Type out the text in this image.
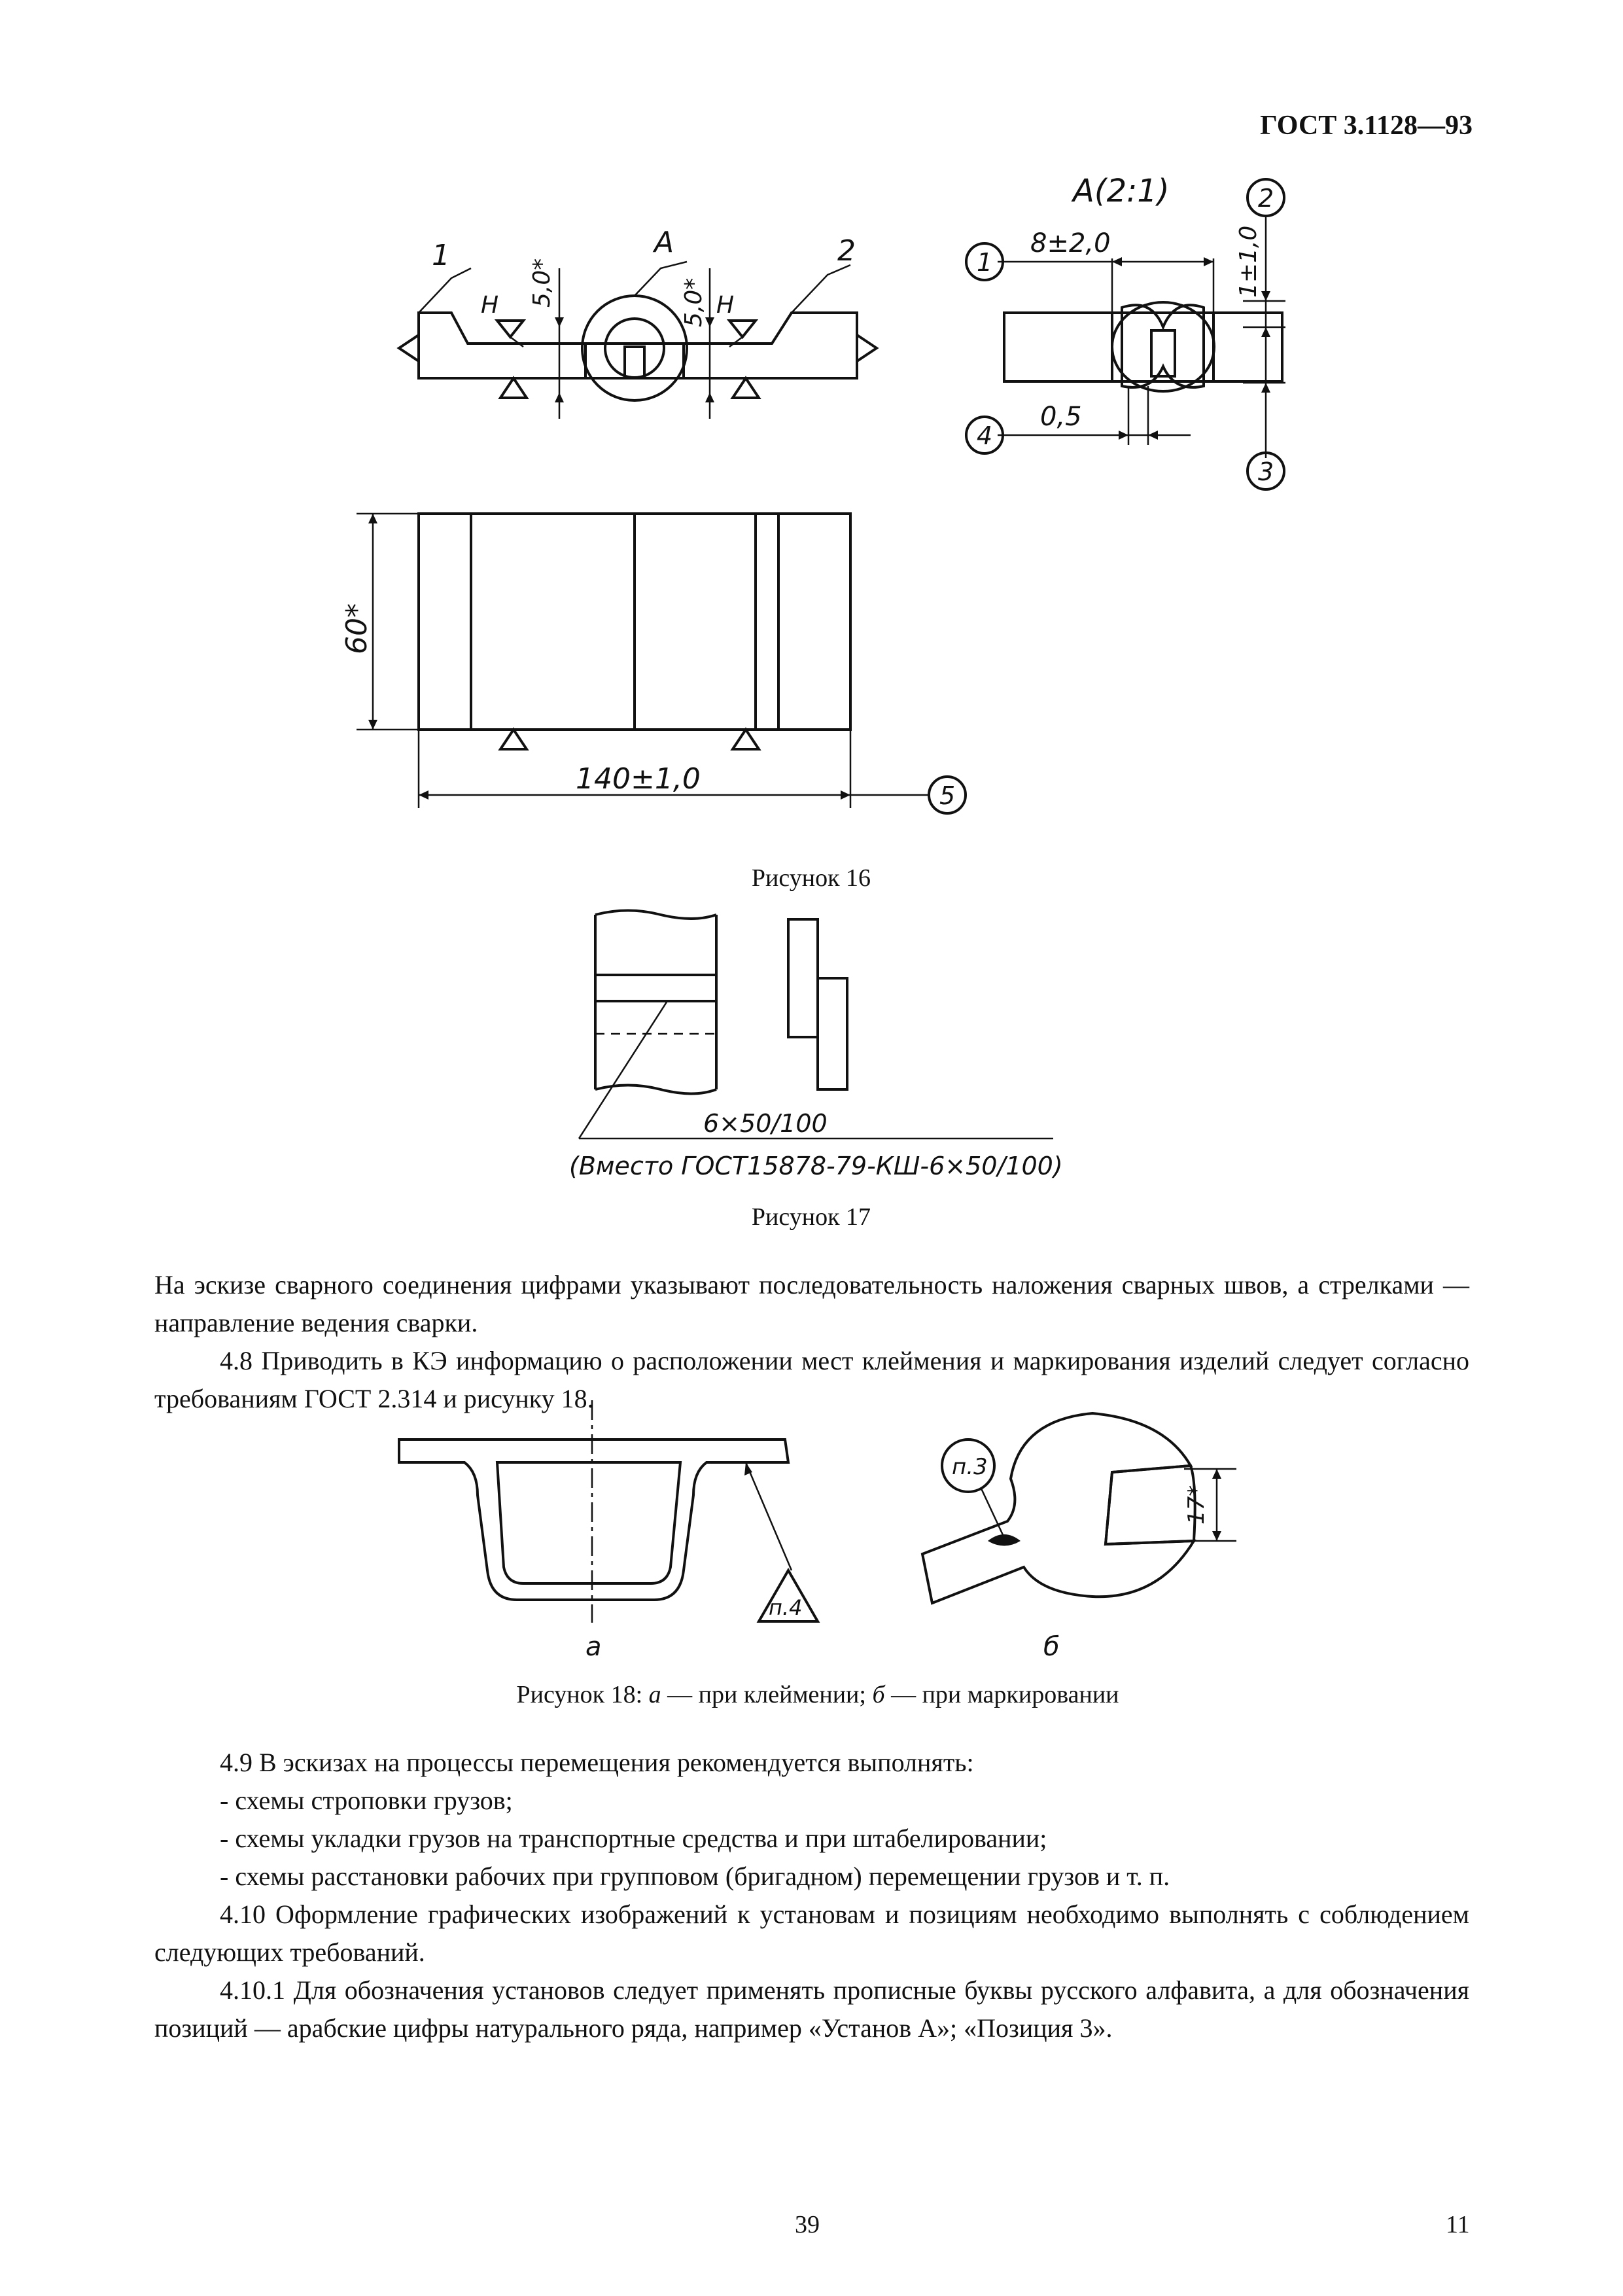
ГОСТ 3.1128—93
1	2
А
H	H
5,0*	5,0*
А(2:1)
8±2,0	1±1,0
0,5
1
2
3
4
60*
140±1,0	5
6×50/100
(Вместо ГОСТ15878-79-КШ-6×50/100)
п.4
а
п.3
17*
б
Рисунок 16
Рисунок 17

На эскизе сварного соединения цифрами указывают последовательность наложения сварных швов, а стрелками — направление ведения сварки.

4.8 Приводить в КЭ информацию о расположении мест клеймения и маркирования изделий следует согласно требованиям ГОСТ 2.314 и рисунку 18.

Рисунок 18: а — при клеймении; б — при маркировании

4.9 В эскизах на процессы перемещения рекомендуется выполнять:

- схемы строповки грузов;

- схемы укладки грузов на транспортные средства и при штабелировании;

- схемы расстановки рабочих при групповом (бригадном) перемещении грузов и т. п.

4.10 Оформление графических изображений к установам и позициям необходимо выполнять с соблюдением следующих требований.

4.10.1 Для обозначения установов следует применять прописные буквы русского алфавита, а для обозначения позиций — арабские цифры натурального ряда, например «Установ А»; «Позиция 3».

39	11
